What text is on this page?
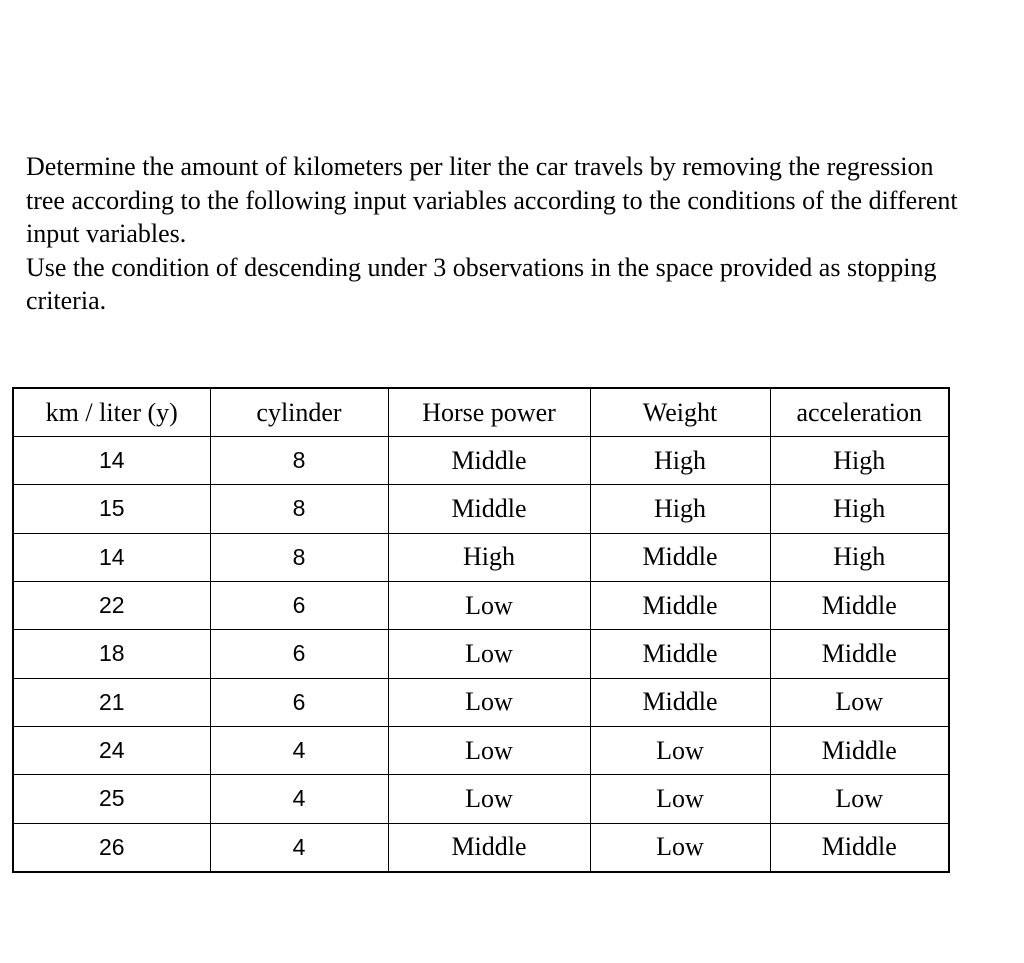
Determine the amount of kilometers per liter the car travels by removing the regression tree according to the following input variables according to the conditions of the different input variables.

Use the condition of descending under 3 observations in the space provided as stopping criteria.

km / liter (y)	cylinder	Horse power	Weight	acceleration
14	8	Middle	High	High
15	8	Middle	High	High
14	8	High	Middle	High
22	6	Low	Middle	Middle
18	6	Low	Middle	Middle
21	6	Low	Middle	Low
24	4	Low	Low	Middle
25	4	Low	Low	Low
26	4	Middle	Low	Middle
